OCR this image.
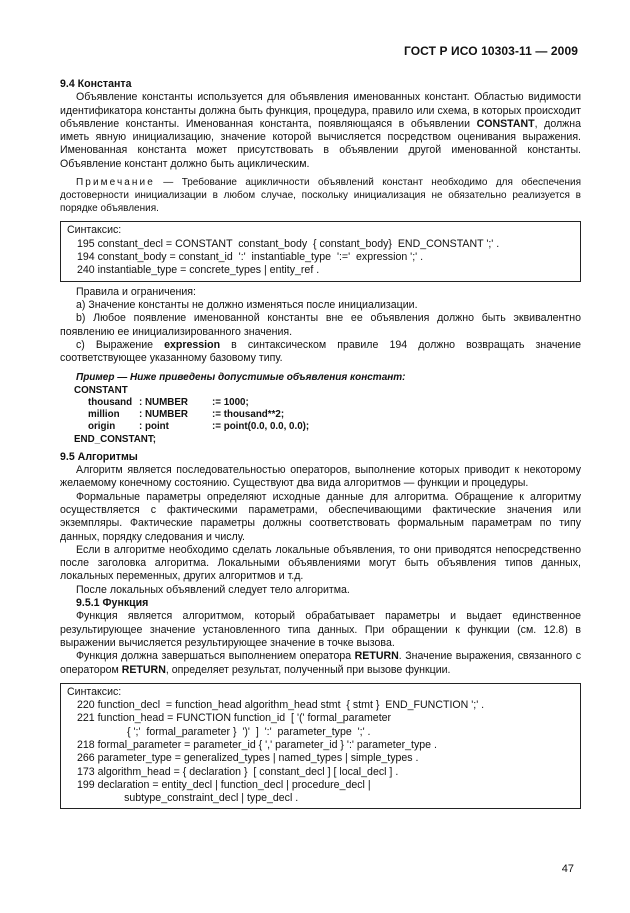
ГОСТ Р ИСО 10303-11 — 2009
9.4 Константа

Объявление константы используется для объявления именованных констант. Областью видимости идентификатора константы должна быть функция, процедура, правило или схема, в которых происходит объявление константы. Именованная константа, появляющаяся в объявлении CONSTANT, должна иметь явную инициализацию, значение которой вычисляется посредством оценивания выражения. Именованная константа может присутствовать в объявлении другой именованной константы. Объявление констант должно быть ациклическим.

Примечание — Требование ацикличности объявлений констант необходимо для обеспечения достоверности инициализации в любом случае, поскольку инициализация не обязательно реализуется в порядке объявления.
Синтаксис:
195 constant_decl = CONSTANT  constant_body  { constant_body}  END_CONSTANT ';' .
194 constant_body = constant_id  ':'  instantiable_type  ':='  expression ';' .
240 instantiable_type = concrete_types | entity_ref .

Правила и ограничения:

a) Значение константы не должно изменяться после инициализации.

b) Любое появление именованной константы вне ее объявления должно быть эквивалентно появлению ее инициализированного значения.

c) Выражение expression в синтаксическом правиле 194 должно возвращать значение соответствующее указанному базовому типу.

Пример — Ниже приведены допустимые объявления констант:
CONSTANT
thousand	: NUMBER	:= 1000;
million	: NUMBER	:= thousand**2;
origin	: point	:= point(0.0, 0.0, 0.0);
END_CONSTANT;
9.5 Алгоритмы

Алгоритм является последовательностью операторов, выполнение которых приводит к некоторому желаемому конечному состоянию. Существуют два вида алгоритмов — функции и процедуры.

Формальные параметры определяют исходные данные для алгоритма. Обращение к алгоритму осуществляется с фактическими параметрами, обеспечивающими фактические значения или экземпляры. Фактические параметры должны соответствовать формальным параметрам по типу данных, порядку следования и числу.

Если в алгоритме необходимо сделать локальные объявления, то они приводятся непосредственно после заголовка алгоритма. Локальными объявлениями могут быть объявления типов данных, локальных переменных, других алгоритмов и т.д.

После локальных объявлений следует тело алгоритма.

9.5.1 Функция

Функция является алгоритмом, который обрабатывает параметры и выдает единственное результирующее значение установленного типа данных. При обращении к функции (см. 12.8) в выражении вычисляется результирующее значение в точке вызова.

Функция должна завершаться выполнением оператора RETURN. Значение выражения, связанного с оператором RETURN, определяет результат, полученный при вызове функции.

Синтаксис:
220 function_decl  = function_head algorithm_head stmt  { stmt }  END_FUNCTION ';' .
221 function_head = FUNCTION function_id  [ '(' formal_parameter
{ ';'  formal_parameter }  ')'  ]  ':'  parameter_type  ';' .
218 formal_parameter = parameter_id { ',' parameter_id } ':' parameter_type .
266 parameter_type = generalized_types | named_types | simple_types .
173 algorithm_head = { declaration }  [ constant_decl ] [ local_decl ] .
199 declaration = entity_decl | function_decl | procedure_decl |
subtype_constraint_decl | type_decl .
47
